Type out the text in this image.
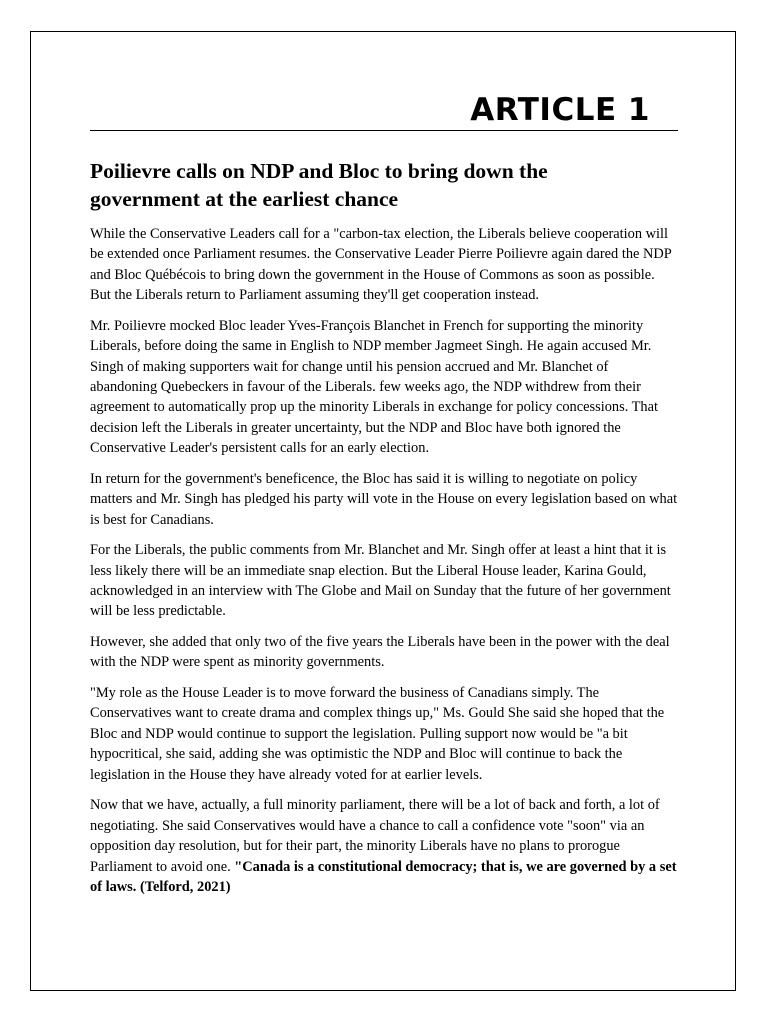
ARTICLE 1
Poilievre calls on NDP and Bloc to bring down the government at the earliest chance

While the Conservative Leaders call for a "carbon-tax election, the Liberals believe cooperation will be extended once Parliament resumes. the Conservative Leader Pierre Poilievre again dared the NDP and Bloc Québécois to bring down the government in the House of Commons as soon as possible. But the Liberals return to Parliament assuming they'll get cooperation instead.

Mr. Poilievre mocked Bloc leader Yves-François Blanchet in French for supporting the minority Liberals, before doing the same in English to NDP member Jagmeet Singh. He again accused Mr. Singh of making supporters wait for change until his pension accrued and Mr. Blanchet of abandoning Quebeckers in favour of the Liberals. few weeks ago, the NDP withdrew from their agreement to automatically prop up the minority Liberals in exchange for policy concessions. That decision left the Liberals in greater uncertainty, but the NDP and Bloc have both ignored the Conservative Leader's persistent calls for an early election.

In return for the government's beneficence, the Bloc has said it is willing to negotiate on policy matters and Mr. Singh has pledged his party will vote in the House on every legislation based on what is best for Canadians.

For the Liberals, the public comments from Mr. Blanchet and Mr. Singh offer at least a hint that it is less likely there will be an immediate snap election. But the Liberal House leader, Karina Gould, acknowledged in an interview with The Globe and Mail on Sunday that the future of her government will be less predictable.

However, she added that only two of the five years the Liberals have been in the power with the deal with the NDP were spent as minority governments.

"My role as the House Leader is to move forward the business of Canadians simply. The Conservatives want to create drama and complex things up," Ms. Gould She said she hoped that the Bloc and NDP would continue to support the legislation. Pulling support now would be "a bit hypocritical, she said, adding she was optimistic the NDP and Bloc will continue to back the legislation in the House they have already voted for at earlier levels.

Now that we have, actually, a full minority parliament, there will be a lot of back and forth, a lot of negotiating. She said Conservatives would have a chance to call a confidence vote "soon" via an opposition day resolution, but for their part, the minority Liberals have no plans to prorogue Parliament to avoid one. "Canada is a constitutional democracy; that is, we are governed by a set of laws. (Telford, 2021)
